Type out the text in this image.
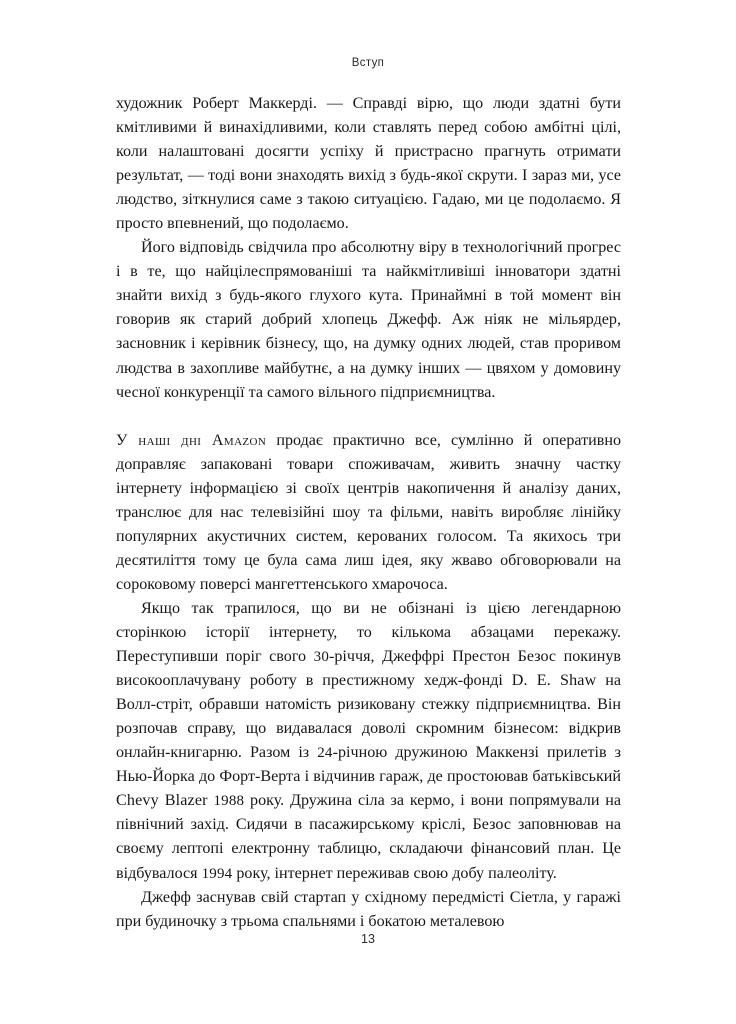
Вступ

художник Роберт Маккерді. — Справді вірю, що люди здатні бути кмітливими й винахідливими, коли ставлять перед собою амбітні цілі, коли налаштовані досягти успіху й пристрасно прагнуть отримати результат, — тоді вони знаходять вихід з будь-якої скрути. І зараз ми, усе людство, зіткнулися саме з такою ситуацією. Гадаю, ми це подолаємо. Я просто впевнений, що подолаємо.

Його відповідь свідчила про абсолютну віру в технологічний прогрес і в те, що найцілеспрямованіші та найкмітливіші інноватори здатні знайти вихід з будь-якого глухого кута. Принаймні в той момент він говорив як старий добрий хлопець Джефф. Аж ніяк не мільярдер, засновник і керівник бізнесу, що, на думку одних людей, став проривом людства в захопливе майбутнє, а на думку інших — цвяхом у домовину чесної конкуренції та самого вільного підприємництва.

У наші дні Amazon продає практично все, сумлінно й оперативно доправляє запаковані товари споживачам, живить значну частку інтернету інформацією зі своїх центрів накопичення й аналізу даних, транслює для нас телевізійні шоу та фільми, навіть виробляє лінійку популярних акустичних систем, керованих голосом. Та якихось три десятиліття тому це була сама лиш ідея, яку жваво обговорювали на сороковому поверсі мангеттенського хмарочоса.

Якщо так трапилося, що ви не обізнані із цією легендарною сторінкою історії інтернету, то кількома абзацами перекажу. Переступивши поріг свого 30-річчя, Джеффрі Престон Безос покинув високооплачувану роботу в престижному хедж-фонді D. E. Shaw на Волл-стріт, обравши натомість ризиковану стежку підприємництва. Він розпочав справу, що видавалася доволі скромним бізнесом: відкрив онлайн-книгарню. Разом із 24-річною дружиною Маккензі прилетів з Нью-Йорка до Форт-Верта і відчинив гараж, де простоював батьківський Chevy Blazer 1988 року. Дружина сіла за кермо, і вони попрямували на північний захід. Сидячи в пасажирському кріслі, Безос заповнював на своєму лептопі електронну таблицю, складаючи фінансовий план. Це відбувалося 1994 року, інтернет переживав свою добу палеоліту.

Джефф заснував свій стартап у східному передмісті Сіетла, у гаражі при будиночку з трьома спальнями і бокатою металевою

13
